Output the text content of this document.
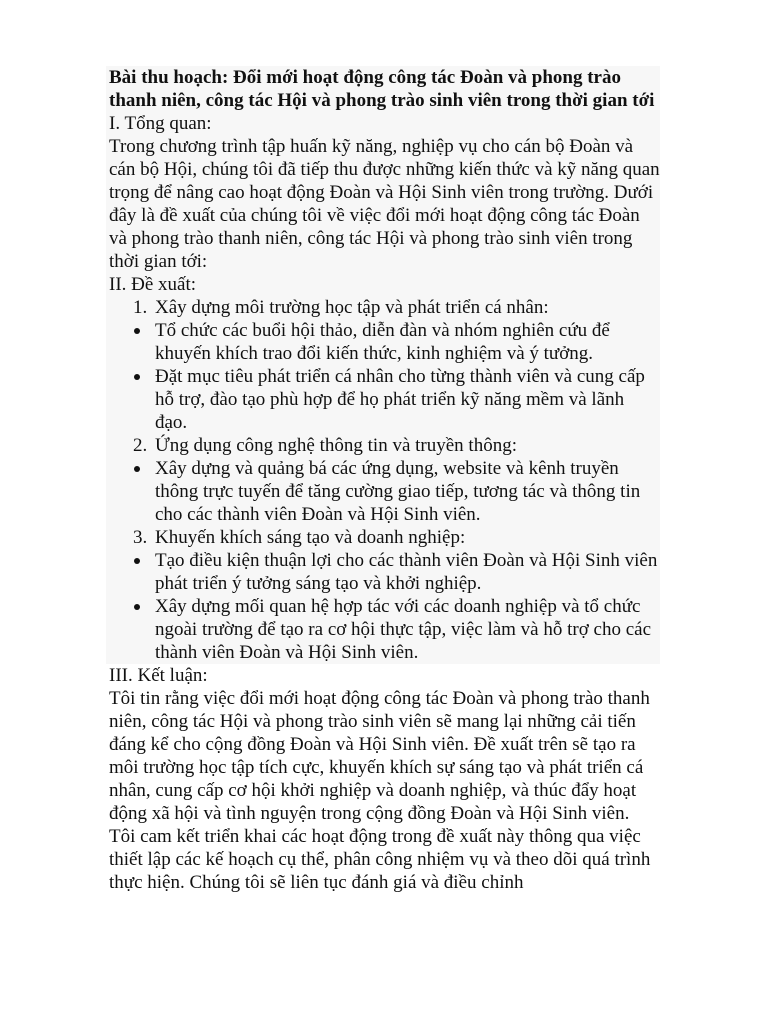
Bài thu hoạch: Đổi mới hoạt động công tác Đoàn và phong trào thanh niên, công tác Hội và phong trào sinh viên trong thời gian tới

I. Tổng quan:

Trong chương trình tập huấn kỹ năng, nghiệp vụ cho cán bộ Đoàn và cán bộ Hội, chúng tôi đã tiếp thu được những kiến thức và kỹ năng quan trọng để nâng cao hoạt động Đoàn và Hội Sinh viên trong trường. Dưới đây là đề xuất của chúng tôi về việc đổi mới hoạt động công tác Đoàn và phong trào thanh niên, công tác Hội và phong trào sinh viên trong thời gian tới:

II. Đề xuất:

1. Xây dựng môi trường học tập và phát triển cá nhân:
Tổ chức các buổi hội thảo, diễn đàn và nhóm nghiên cứu để khuyến khích trao đổi kiến thức, kinh nghiệm và ý tưởng.
Đặt mục tiêu phát triển cá nhân cho từng thành viên và cung cấp hỗ trợ, đào tạo phù hợp để họ phát triển kỹ năng mềm và lãnh đạo.
2. Ứng dụng công nghệ thông tin và truyền thông:
Xây dựng và quảng bá các ứng dụng, website và kênh truyền thông trực tuyến để tăng cường giao tiếp, tương tác và thông tin cho các thành viên Đoàn và Hội Sinh viên.
3. Khuyến khích sáng tạo và doanh nghiệp:
Tạo điều kiện thuận lợi cho các thành viên Đoàn và Hội Sinh viên phát triển ý tưởng sáng tạo và khởi nghiệp.
Xây dựng mối quan hệ hợp tác với các doanh nghiệp và tổ chức ngoài trường để tạo ra cơ hội thực tập, việc làm và hỗ trợ cho các thành viên Đoàn và Hội Sinh viên.

III. Kết luận:

Tôi tin rằng việc đổi mới hoạt động công tác Đoàn và phong trào thanh niên, công tác Hội và phong trào sinh viên sẽ mang lại những cải tiến đáng kể cho cộng đồng Đoàn và Hội Sinh viên. Đề xuất trên sẽ tạo ra môi trường học tập tích cực, khuyến khích sự sáng tạo và phát triển cá nhân, cung cấp cơ hội khởi nghiệp và doanh nghiệp, và thúc đẩy hoạt động xã hội và tình nguyện trong cộng đồng Đoàn và Hội Sinh viên.

Tôi cam kết triển khai các hoạt động trong đề xuất này thông qua việc thiết lập các kế hoạch cụ thể, phân công nhiệm vụ và theo dõi quá trình thực hiện. Chúng tôi sẽ liên tục đánh giá và điều chỉnh
